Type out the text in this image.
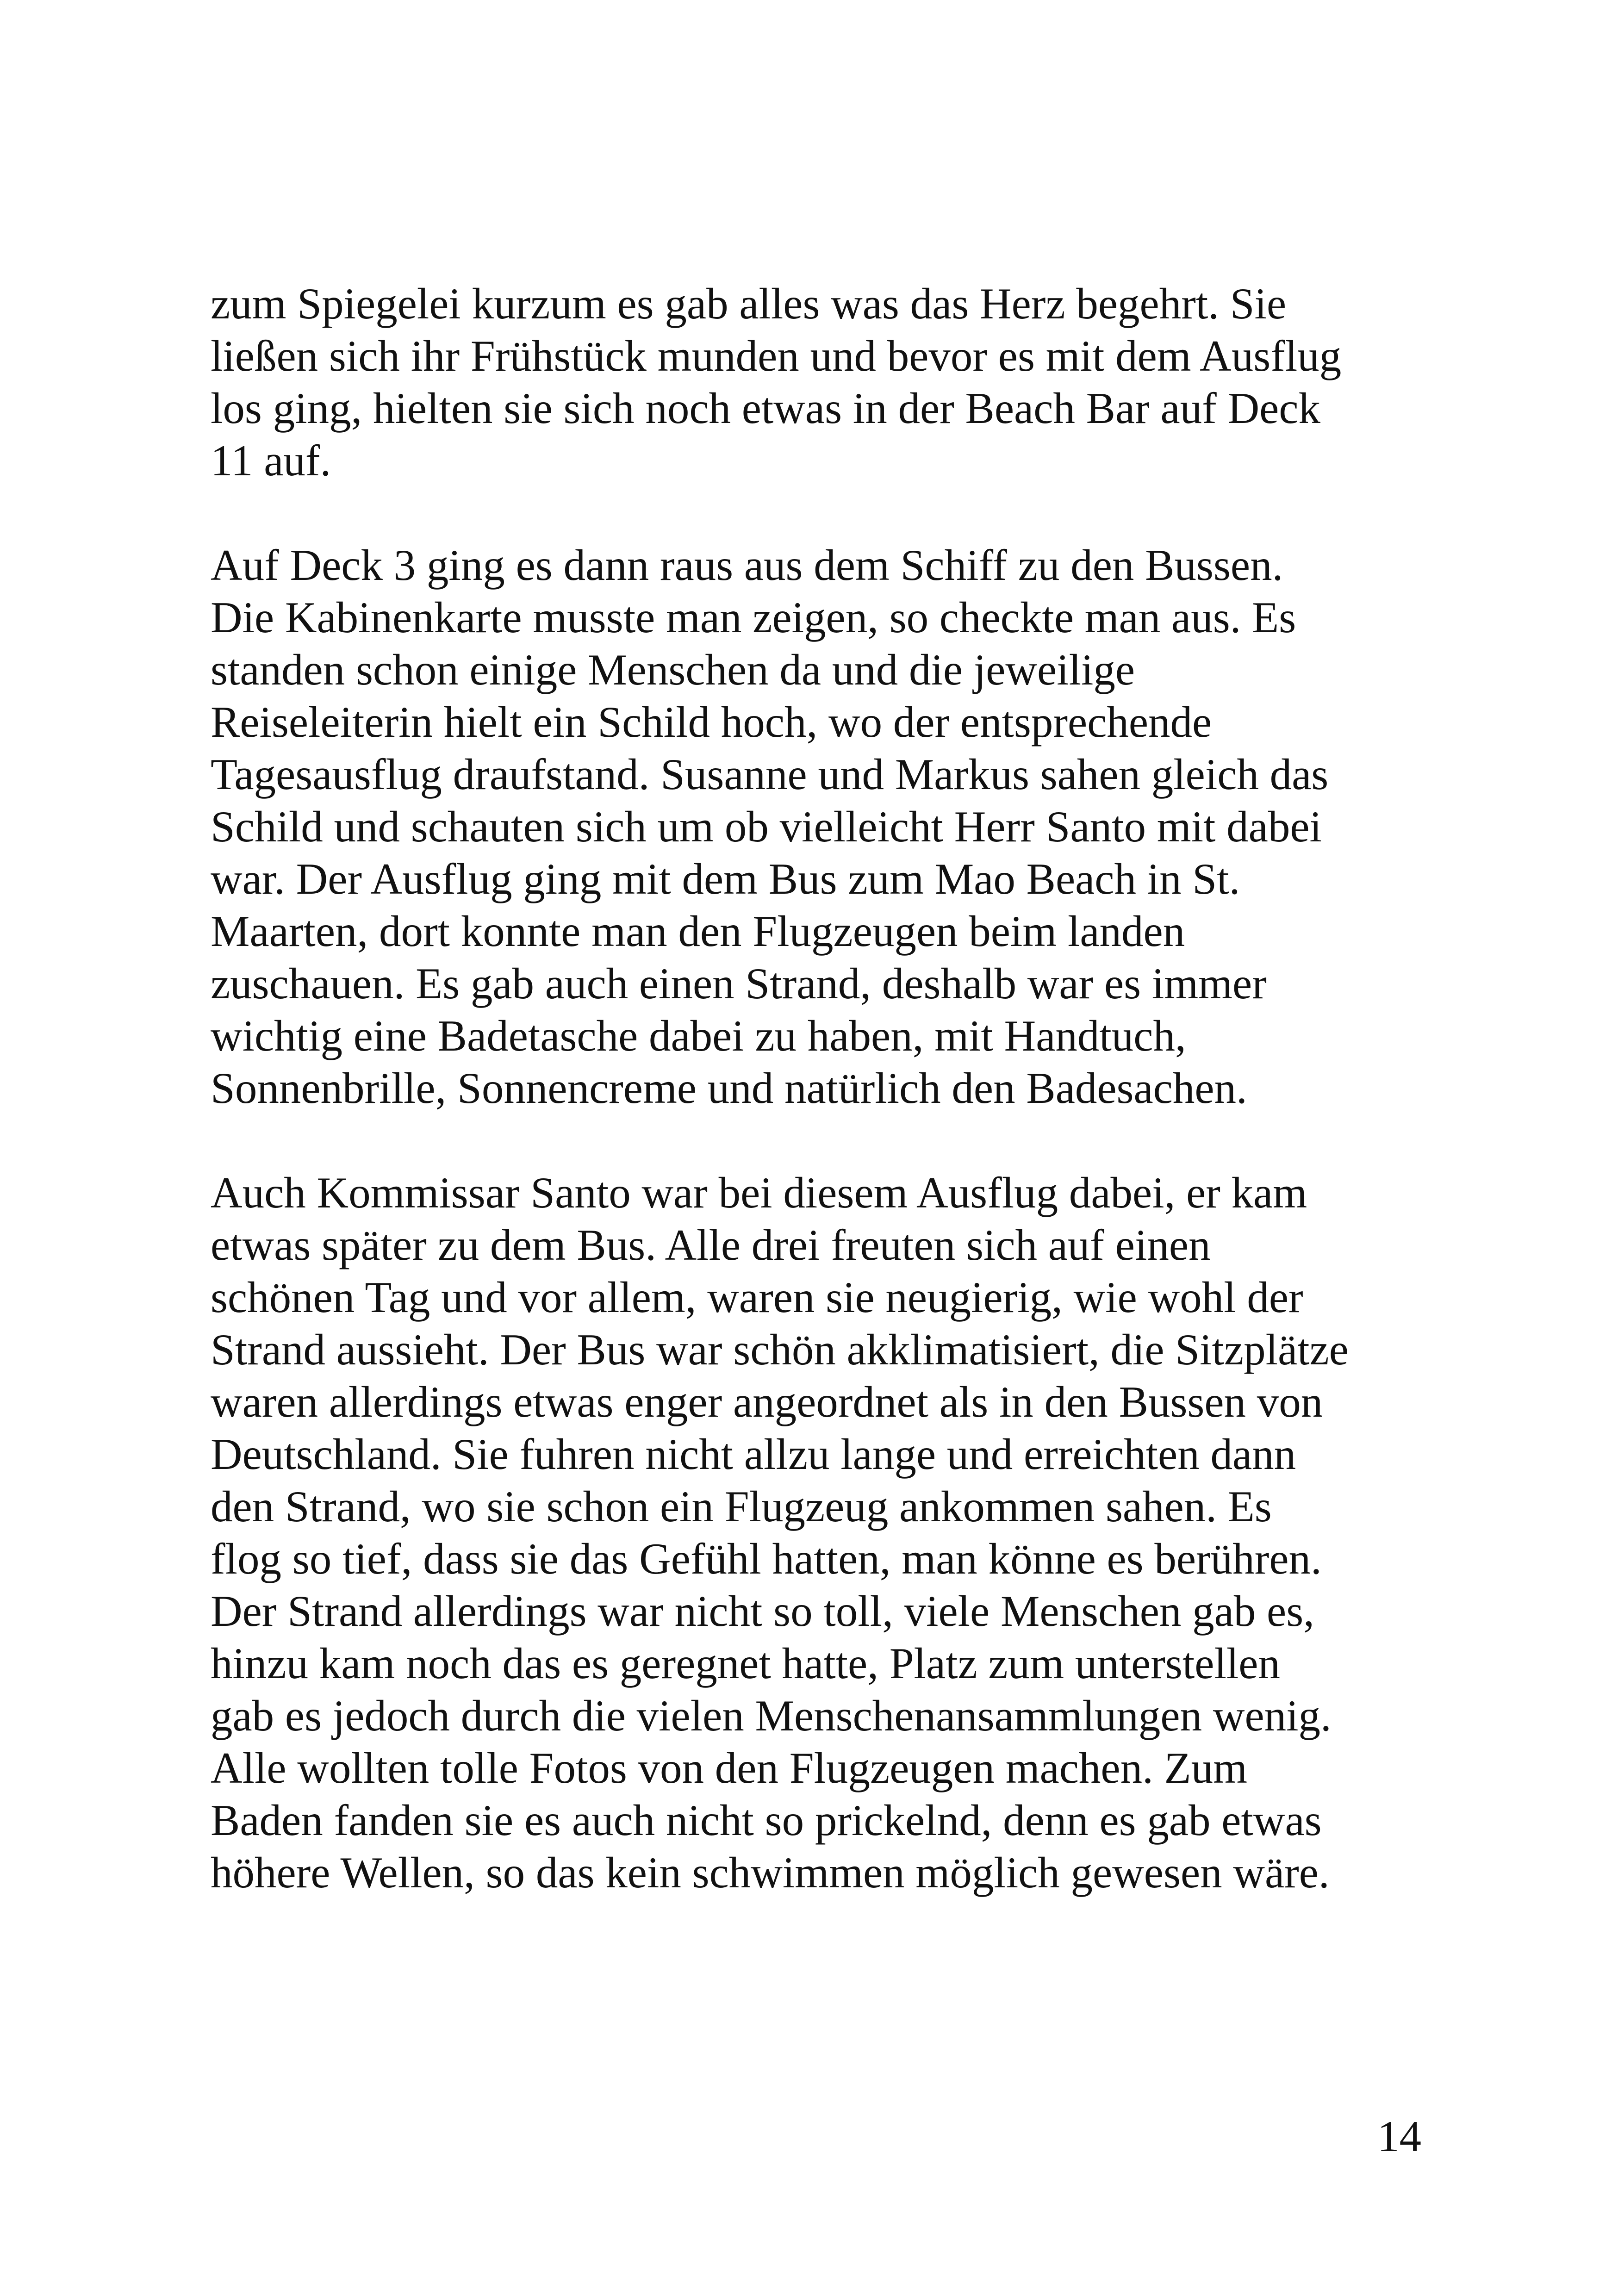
zum Spiegelei kurzum es gab alles was das Herz begehrt. Sie
ließen sich ihr Frühstück munden und bevor es mit dem Ausflug
los ging, hielten sie sich noch etwas in der Beach Bar auf Deck
11 auf.

Auf Deck 3 ging es dann raus aus dem Schiff zu den Bussen.
Die Kabinenkarte musste man zeigen, so checkte man aus. Es
standen schon einige Menschen da und die jeweilige
Reiseleiterin hielt ein Schild hoch, wo der entsprechende
Tagesausflug draufstand. Susanne und Markus sahen gleich das
Schild und schauten sich um ob vielleicht Herr Santo mit dabei
war. Der Ausflug ging mit dem Bus zum Mao Beach in St.
Maarten, dort konnte man den Flugzeugen beim landen
zuschauen. Es gab auch einen Strand, deshalb war es immer
wichtig eine Badetasche dabei zu haben, mit Handtuch,
Sonnenbrille, Sonnencreme und natürlich den Badesachen.

Auch Kommissar Santo war bei diesem Ausflug dabei, er kam
etwas später zu dem Bus. Alle drei freuten sich auf einen
schönen Tag und vor allem, waren sie neugierig, wie wohl der
Strand aussieht. Der Bus war schön akklimatisiert, die Sitzplätze
waren allerdings etwas enger angeordnet als in den Bussen von
Deutschland. Sie fuhren nicht allzu lange und erreichten dann
den Strand, wo sie schon ein Flugzeug ankommen sahen. Es
flog so tief, dass sie das Gefühl hatten, man könne es berühren.
Der Strand allerdings war nicht so toll, viele Menschen gab es,
hinzu kam noch das es geregnet hatte, Platz zum unterstellen
gab es jedoch durch die vielen Menschenansammlungen wenig.
Alle wollten tolle Fotos von den Flugzeugen machen. Zum
Baden fanden sie es auch nicht so prickelnd, denn es gab etwas
höhere Wellen, so das kein schwimmen möglich gewesen wäre.

14
